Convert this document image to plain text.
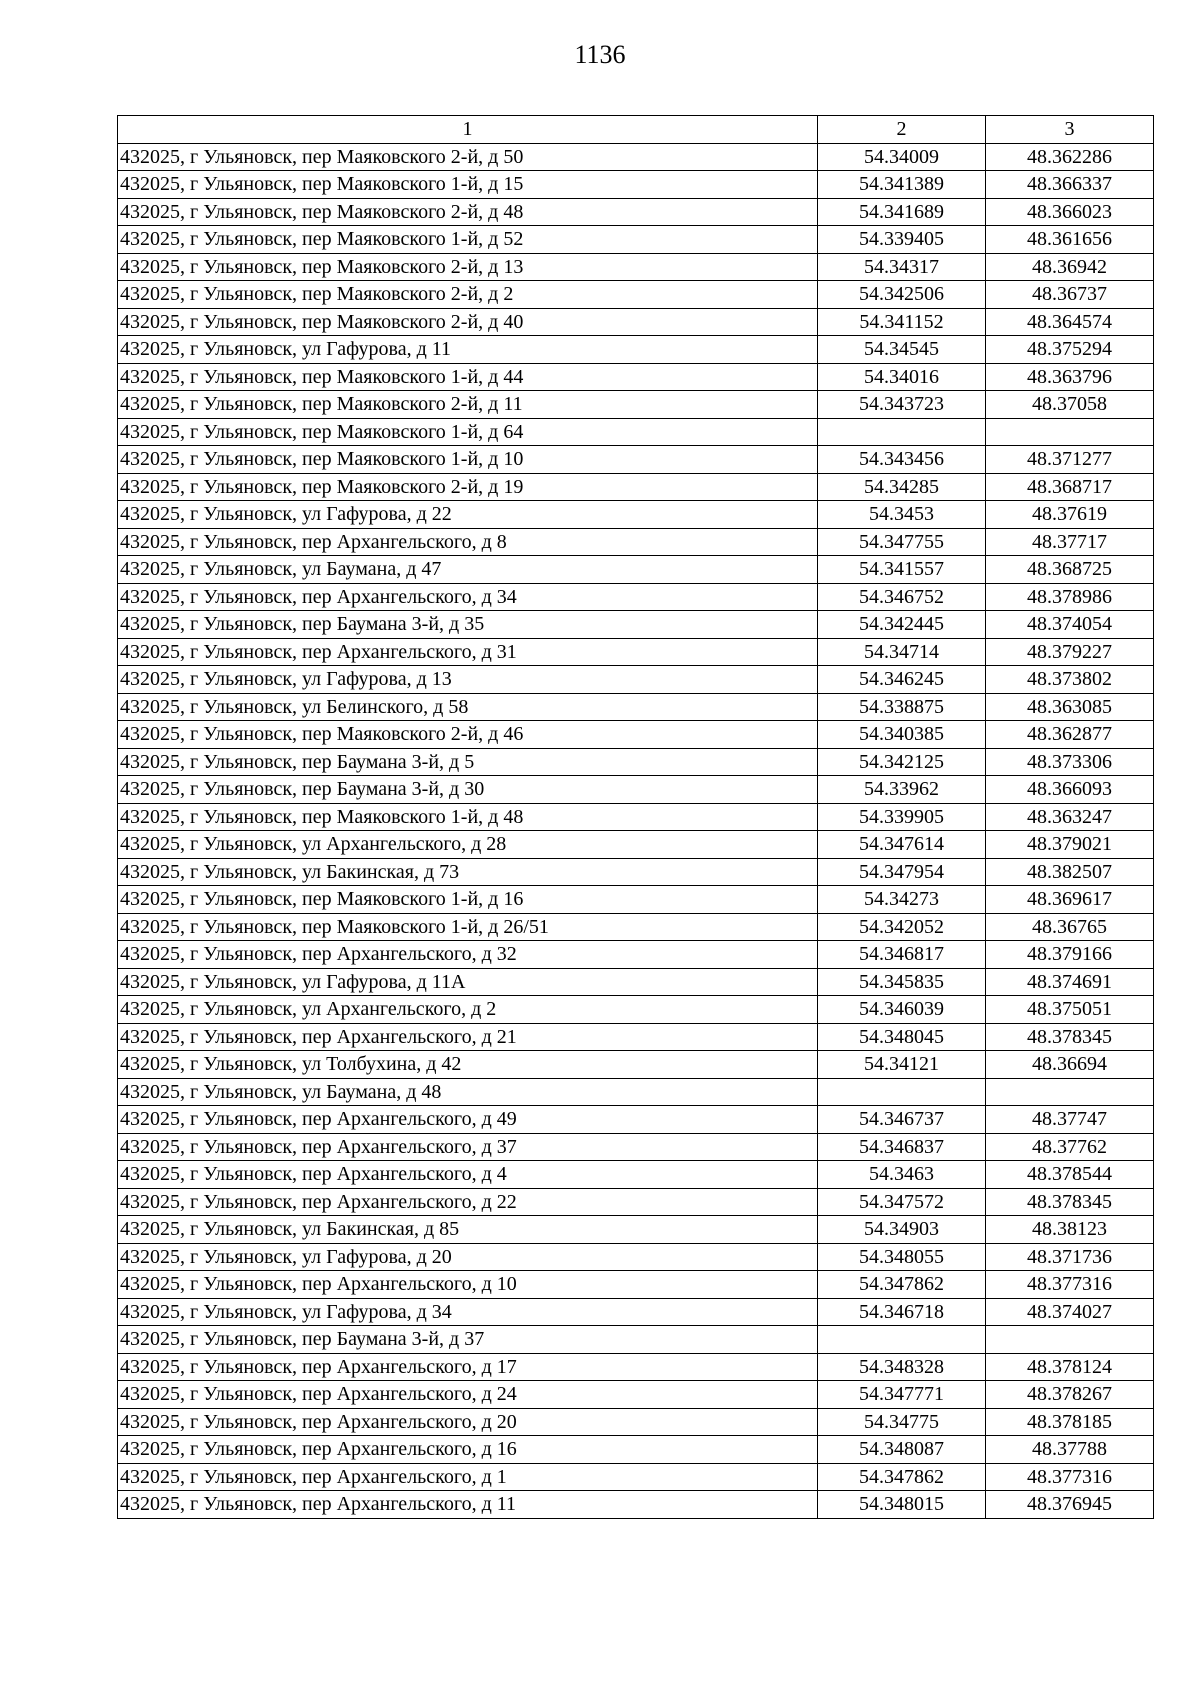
1136
1	2	3
432025, г Ульяновск, пер Маяковского 2-й, д 50	54.34009	48.362286
432025, г Ульяновск, пер Маяковского 1-й, д 15	54.341389	48.366337
432025, г Ульяновск, пер Маяковского 2-й, д 48	54.341689	48.366023
432025, г Ульяновск, пер Маяковского 1-й, д 52	54.339405	48.361656
432025, г Ульяновск, пер Маяковского 2-й, д 13	54.34317	48.36942
432025, г Ульяновск, пер Маяковского 2-й, д 2	54.342506	48.36737
432025, г Ульяновск, пер Маяковского 2-й, д 40	54.341152	48.364574
432025, г Ульяновск, ул Гафурова, д 11	54.34545	48.375294
432025, г Ульяновск, пер Маяковского 1-й, д 44	54.34016	48.363796
432025, г Ульяновск, пер Маяковского 2-й, д 11	54.343723	48.37058
432025, г Ульяновск, пер Маяковского 1-й, д 64		
432025, г Ульяновск, пер Маяковского 1-й, д 10	54.343456	48.371277
432025, г Ульяновск, пер Маяковского 2-й, д 19	54.34285	48.368717
432025, г Ульяновск, ул Гафурова, д 22	54.3453	48.37619
432025, г Ульяновск, пер Архангельского, д 8	54.347755	48.37717
432025, г Ульяновск, ул Баумана, д 47	54.341557	48.368725
432025, г Ульяновск, пер Архангельского, д 34	54.346752	48.378986
432025, г Ульяновск, пер Баумана 3-й, д 35	54.342445	48.374054
432025, г Ульяновск, пер Архангельского, д 31	54.34714	48.379227
432025, г Ульяновск, ул Гафурова, д 13	54.346245	48.373802
432025, г Ульяновск, ул Белинского, д 58	54.338875	48.363085
432025, г Ульяновск, пер Маяковского 2-й, д 46	54.340385	48.362877
432025, г Ульяновск, пер Баумана 3-й, д 5	54.342125	48.373306
432025, г Ульяновск, пер Баумана 3-й, д 30	54.33962	48.366093
432025, г Ульяновск, пер Маяковского 1-й, д 48	54.339905	48.363247
432025, г Ульяновск, ул Архангельского, д 28	54.347614	48.379021
432025, г Ульяновск, ул Бакинская, д 73	54.347954	48.382507
432025, г Ульяновск, пер Маяковского 1-й, д 16	54.34273	48.369617
432025, г Ульяновск, пер Маяковского 1-й, д 26/51	54.342052	48.36765
432025, г Ульяновск, пер Архангельского, д 32	54.346817	48.379166
432025, г Ульяновск, ул Гафурова, д 11А	54.345835	48.374691
432025, г Ульяновск, ул Архангельского, д 2	54.346039	48.375051
432025, г Ульяновск, пер Архангельского, д 21	54.348045	48.378345
432025, г Ульяновск, ул Толбухина, д 42	54.34121	48.36694
432025, г Ульяновск, ул Баумана, д 48		
432025, г Ульяновск, пер Архангельского, д 49	54.346737	48.37747
432025, г Ульяновск, пер Архангельского, д 37	54.346837	48.37762
432025, г Ульяновск, пер Архангельского, д 4	54.3463	48.378544
432025, г Ульяновск, пер Архангельского, д 22	54.347572	48.378345
432025, г Ульяновск, ул Бакинская, д 85	54.34903	48.38123
432025, г Ульяновск, ул Гафурова, д 20	54.348055	48.371736
432025, г Ульяновск, пер Архангельского, д 10	54.347862	48.377316
432025, г Ульяновск, ул Гафурова, д 34	54.346718	48.374027
432025, г Ульяновск, пер Баумана 3-й, д 37		
432025, г Ульяновск, пер Архангельского, д 17	54.348328	48.378124
432025, г Ульяновск, пер Архангельского, д 24	54.347771	48.378267
432025, г Ульяновск, пер Архангельского, д 20	54.34775	48.378185
432025, г Ульяновск, пер Архангельского, д 16	54.348087	48.37788
432025, г Ульяновск, пер Архангельского, д 1	54.347862	48.377316
432025, г Ульяновск, пер Архангельского, д 11	54.348015	48.376945
